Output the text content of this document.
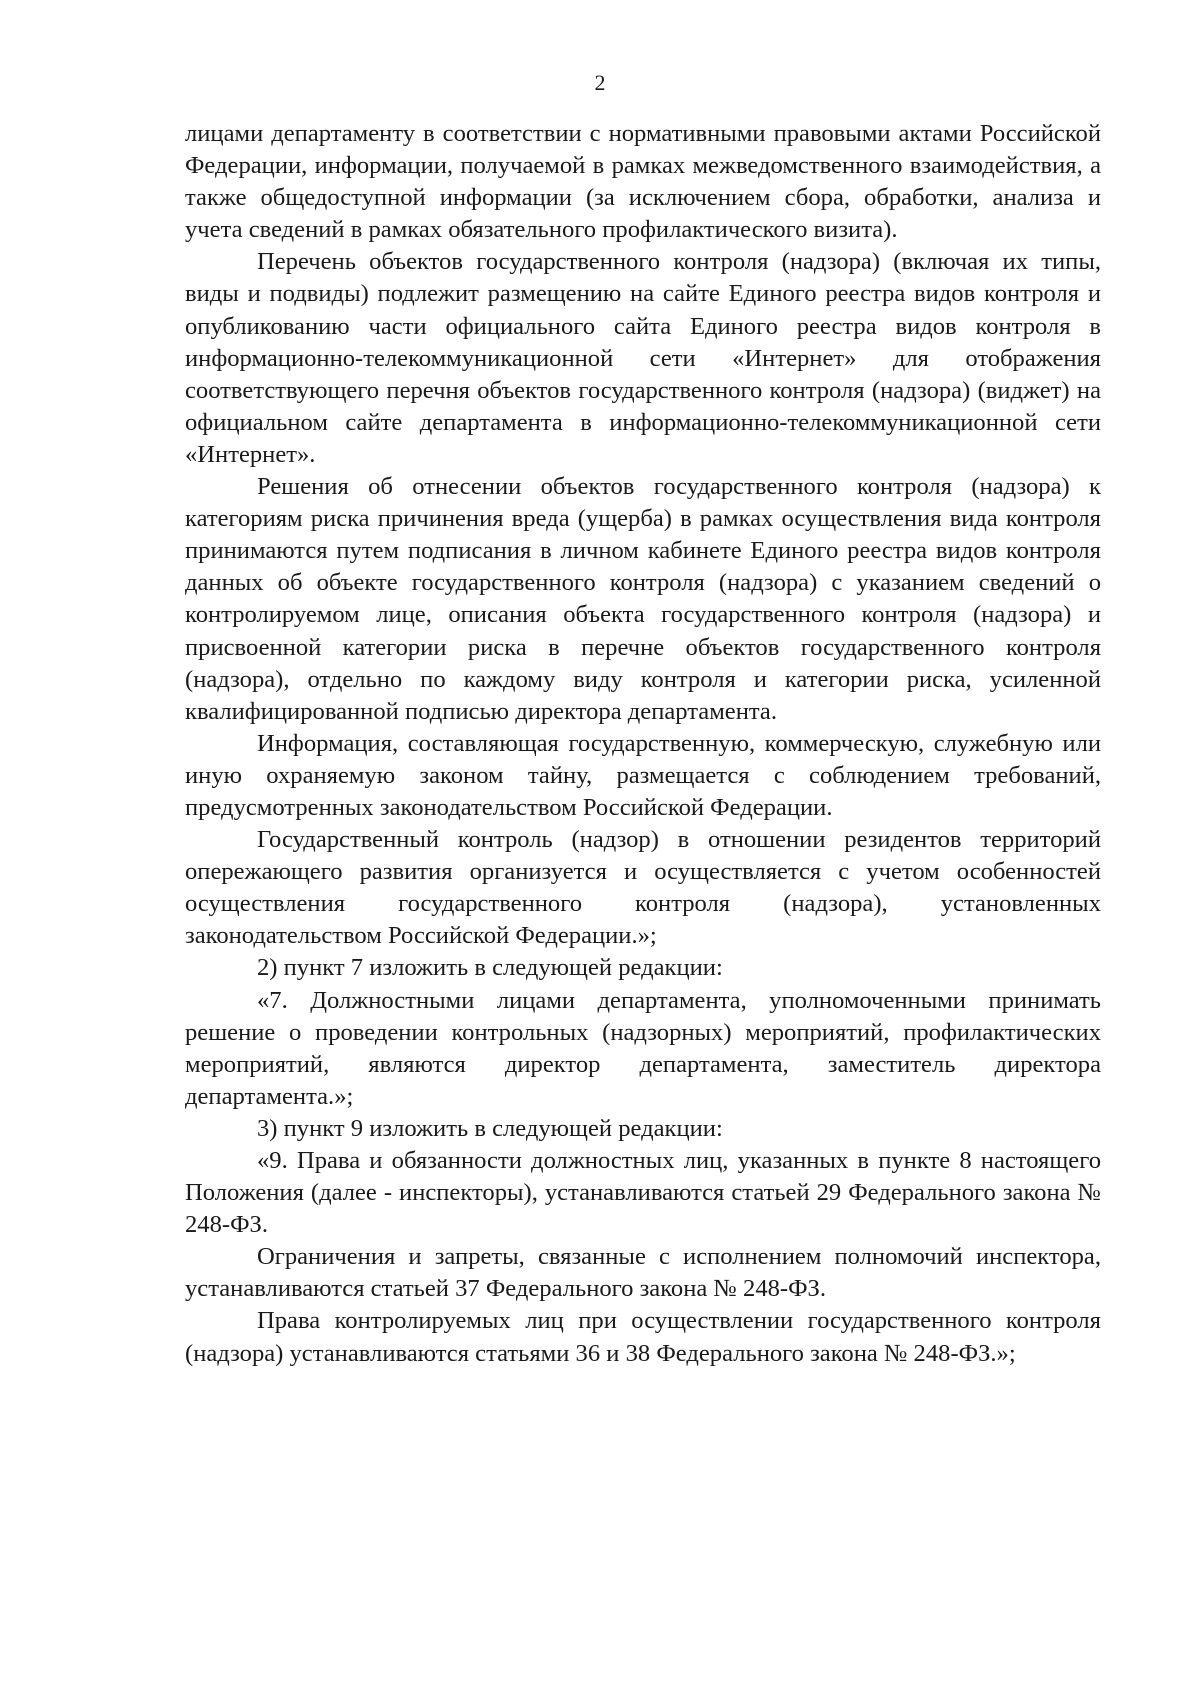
2

лицами департаменту в соответствии с нормативными правовыми актами Российской Федерации, информации, получаемой в рамках межведомственного взаимодействия, а также общедоступной информации (за исключением сбора, обработки, анализа и учета сведений в рамках обязательного профилактического визита).

Перечень объектов государственного контроля (надзора) (включая их типы, виды и подвиды) подлежит размещению на сайте Единого реестра видов контроля и опубликованию части официального сайта Единого реестра видов контроля в информационно-телекоммуникационной сети «Интернет» для отображения соответствующего перечня объектов государственного контроля (надзора) (виджет) на официальном сайте департамента в информационно-телекоммуникационной сети «Интернет».

Решения об отнесении объектов государственного контроля (надзора) к категориям риска причинения вреда (ущерба) в рамках осуществления вида контроля принимаются путем подписания в личном кабинете Единого реестра видов контроля данных об объекте государственного контроля (надзора) с указанием сведений о контролируемом лице, описания объекта государственного контроля (надзора) и присвоенной категории риска в перечне объектов государственного контроля (надзора), отдельно по каждому виду контроля и категории риска, усиленной квалифицированной подписью директора департамента.

Информация, составляющая государственную, коммерческую, служебную или иную охраняемую законом тайну, размещается с соблюдением требований, предусмотренных законодательством Российской Федерации.

Государственный контроль (надзор) в отношении резидентов территорий опережающего развития организуется и осуществляется с учетом особенностей осуществления государственного контроля (надзора), установленных законодательством Российской Федерации.»;

2) пункт 7 изложить в следующей редакции:

«7. Должностными лицами департамента, уполномоченными принимать решение о проведении контрольных (надзорных) мероприятий, профилактических мероприятий, являются директор департамента, заместитель директора департамента.»;

3) пункт 9 изложить в следующей редакции:

«9. Права и обязанности должностных лиц, указанных в пункте 8 настоящего Положения (далее - инспекторы), устанавливаются статьей 29 Федерального закона № 248-ФЗ.

Ограничения и запреты, связанные с исполнением полномочий инспектора, устанавливаются статьей 37 Федерального закона № 248-ФЗ.

Права контролируемых лиц при осуществлении государственного контроля (надзора) устанавливаются статьями 36 и 38 Федерального закона № 248-ФЗ.»;
